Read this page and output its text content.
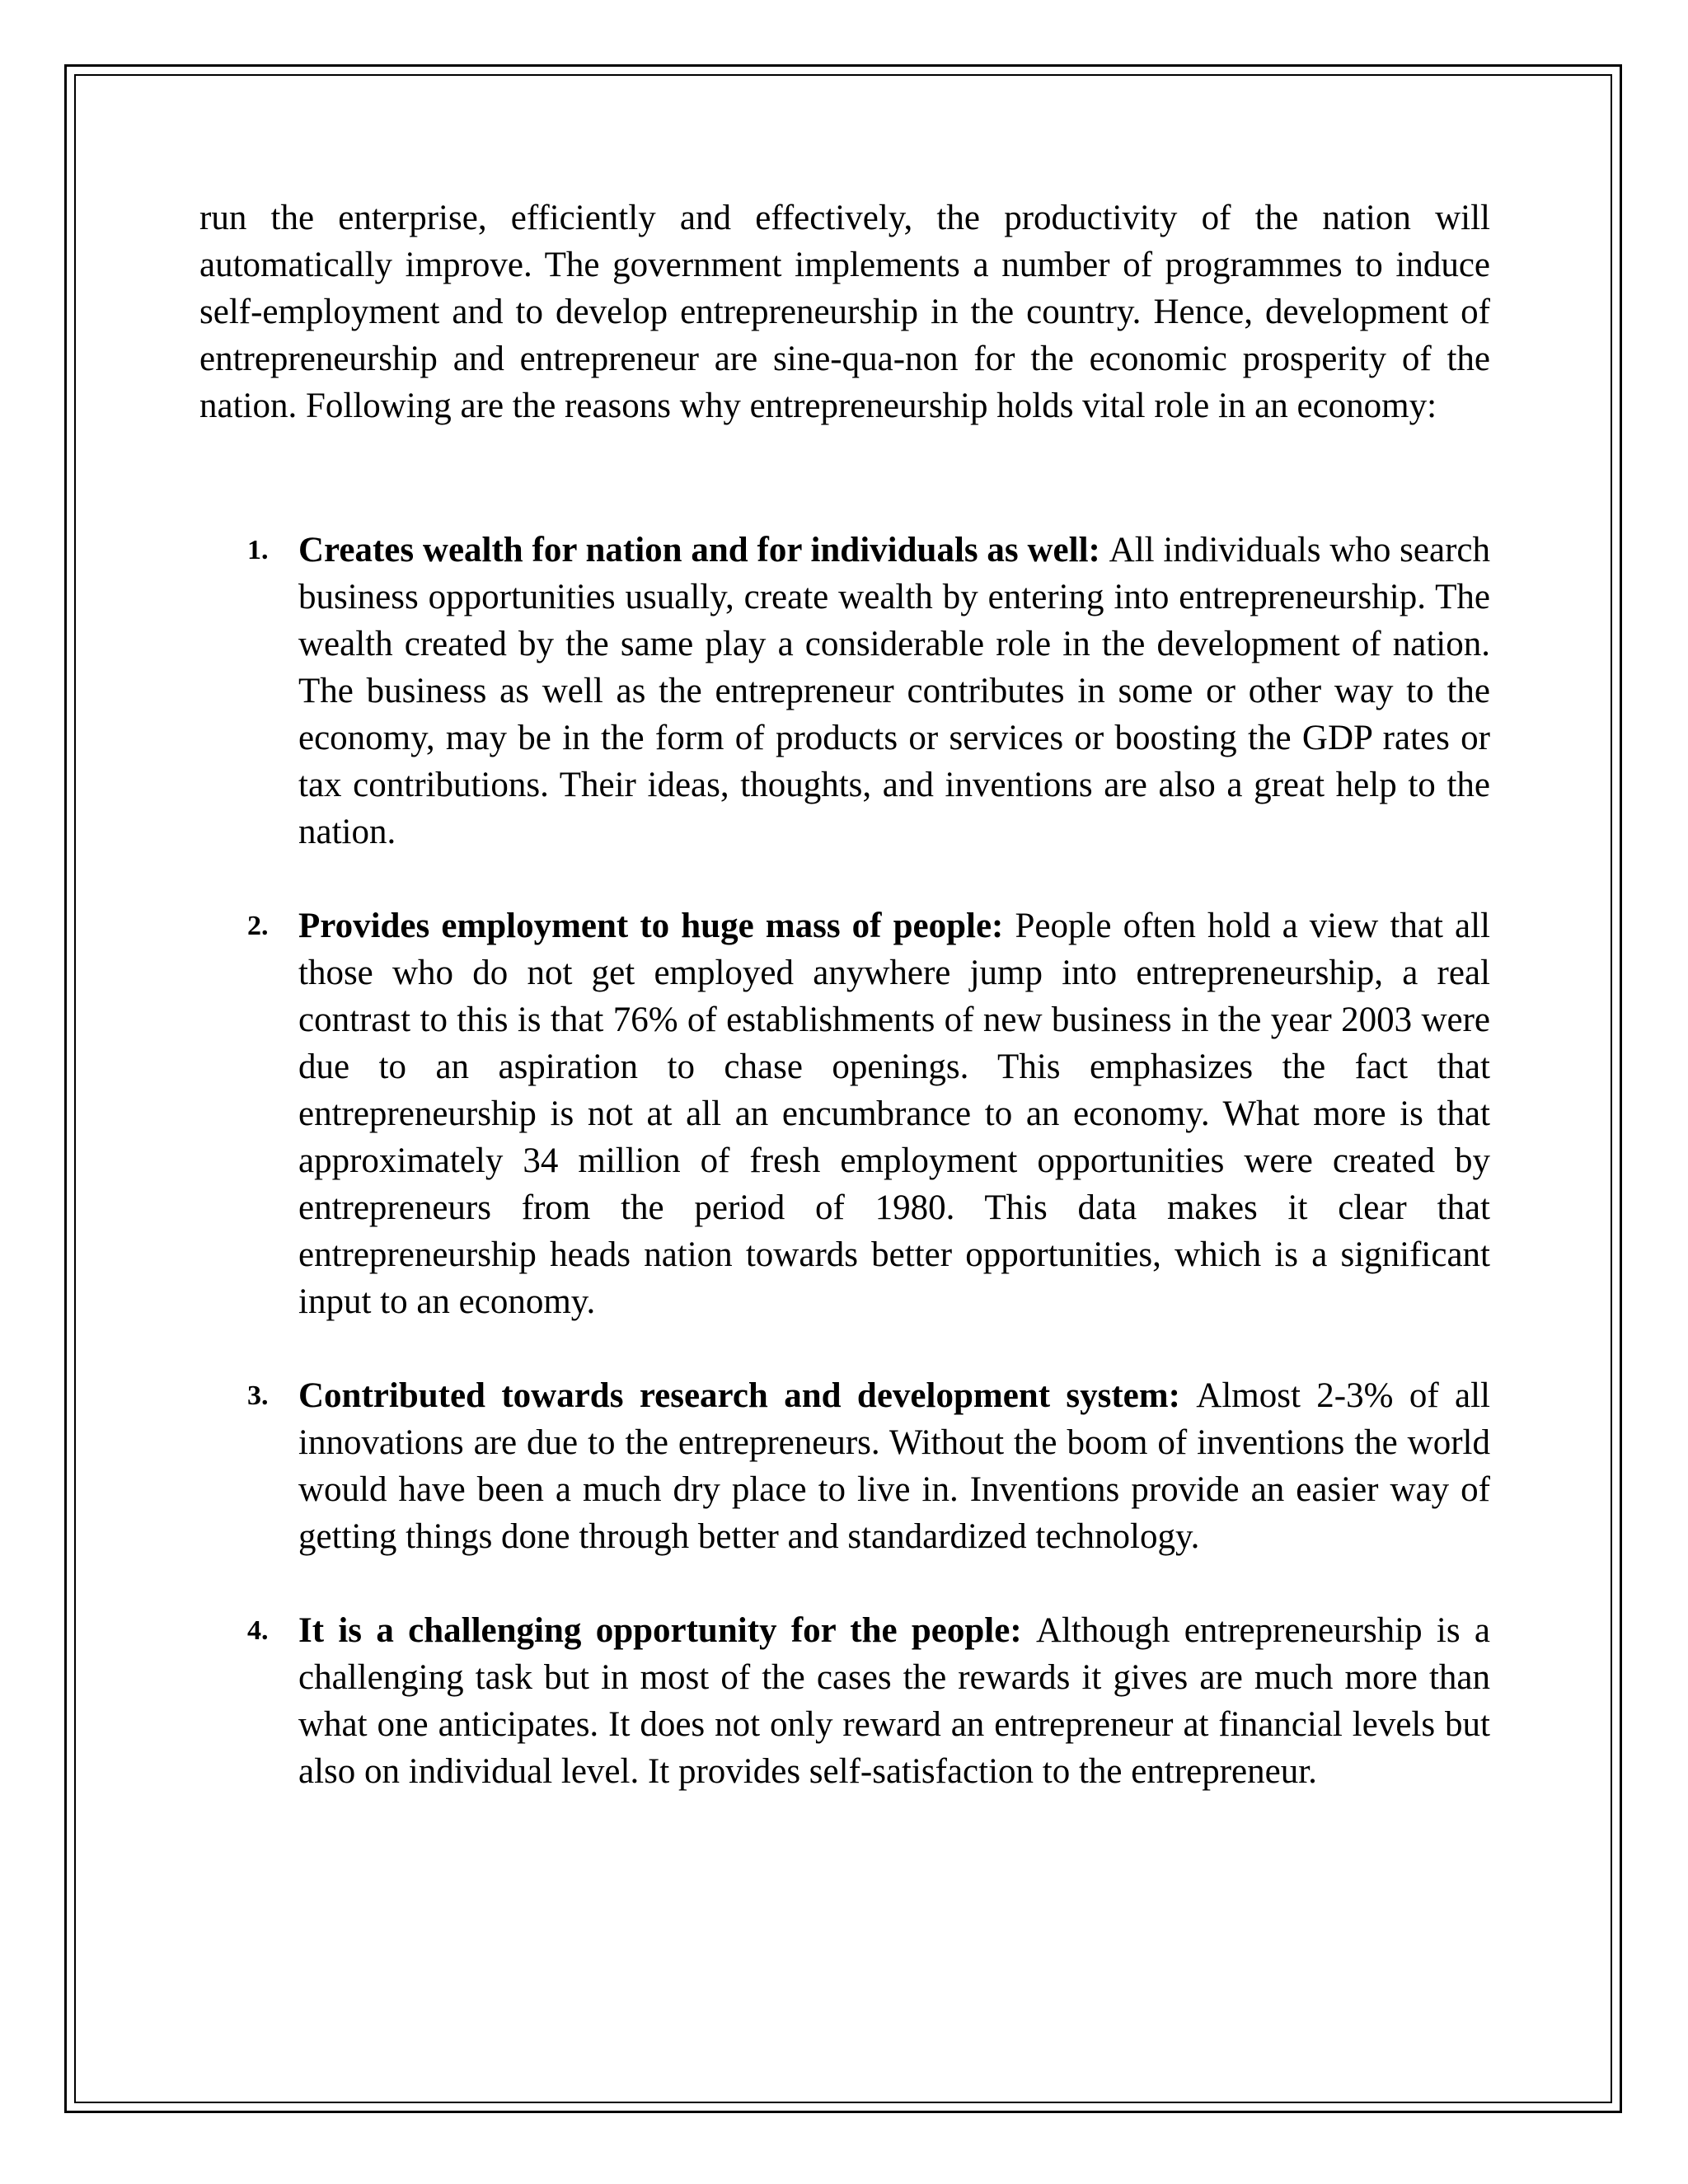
run the enterprise, efficiently and effectively, the productivity of the nation will automatically improve. The government implements a number of programmes to induce self-employment and to develop entrepreneurship in the country. Hence, development of entrepreneurship and entrepreneur are sine-qua-non for the economic prosperity of the nation. Following are the reasons why entrepreneurship holds vital role in an economy:

1. Creates wealth for nation and for individuals as well: All individuals who search business opportunities usually, create wealth by entering into entrepreneurship. The wealth created by the same play a considerable role in the development of nation. The business as well as the entrepreneur contributes in some or other way to the economy, may be in the form of products or services or boosting the GDP rates or tax contributions. Their ideas, thoughts, and inventions are also a great help to the nation.
2. Provides employment to huge mass of people: People often hold a view that all those who do not get employed anywhere jump into entrepreneurship, a real contrast to this is that 76% of establishments of new business in the year 2003 were due to an aspiration to chase openings. This emphasizes the fact that entrepreneurship is not at all an encumbrance to an economy. What more is that approximately 34 million of fresh employment opportunities were created by entrepreneurs from the period of 1980. This data makes it clear that entrepreneurship heads nation towards better opportunities, which is a significant input to an economy.
3. Contributed towards research and development system: Almost 2-3% of all innovations are due to the entrepreneurs. Without the boom of inventions the world would have been a much dry place to live in. Inventions provide an easier way of getting things done through better and standardized technology.
4. It is a challenging opportunity for the people: Although entrepreneurship is a challenging task but in most of the cases the rewards it gives are much more than what one anticipates. It does not only reward an entrepreneur at financial levels but also on individual level. It provides self-satisfaction to the entrepreneur.
